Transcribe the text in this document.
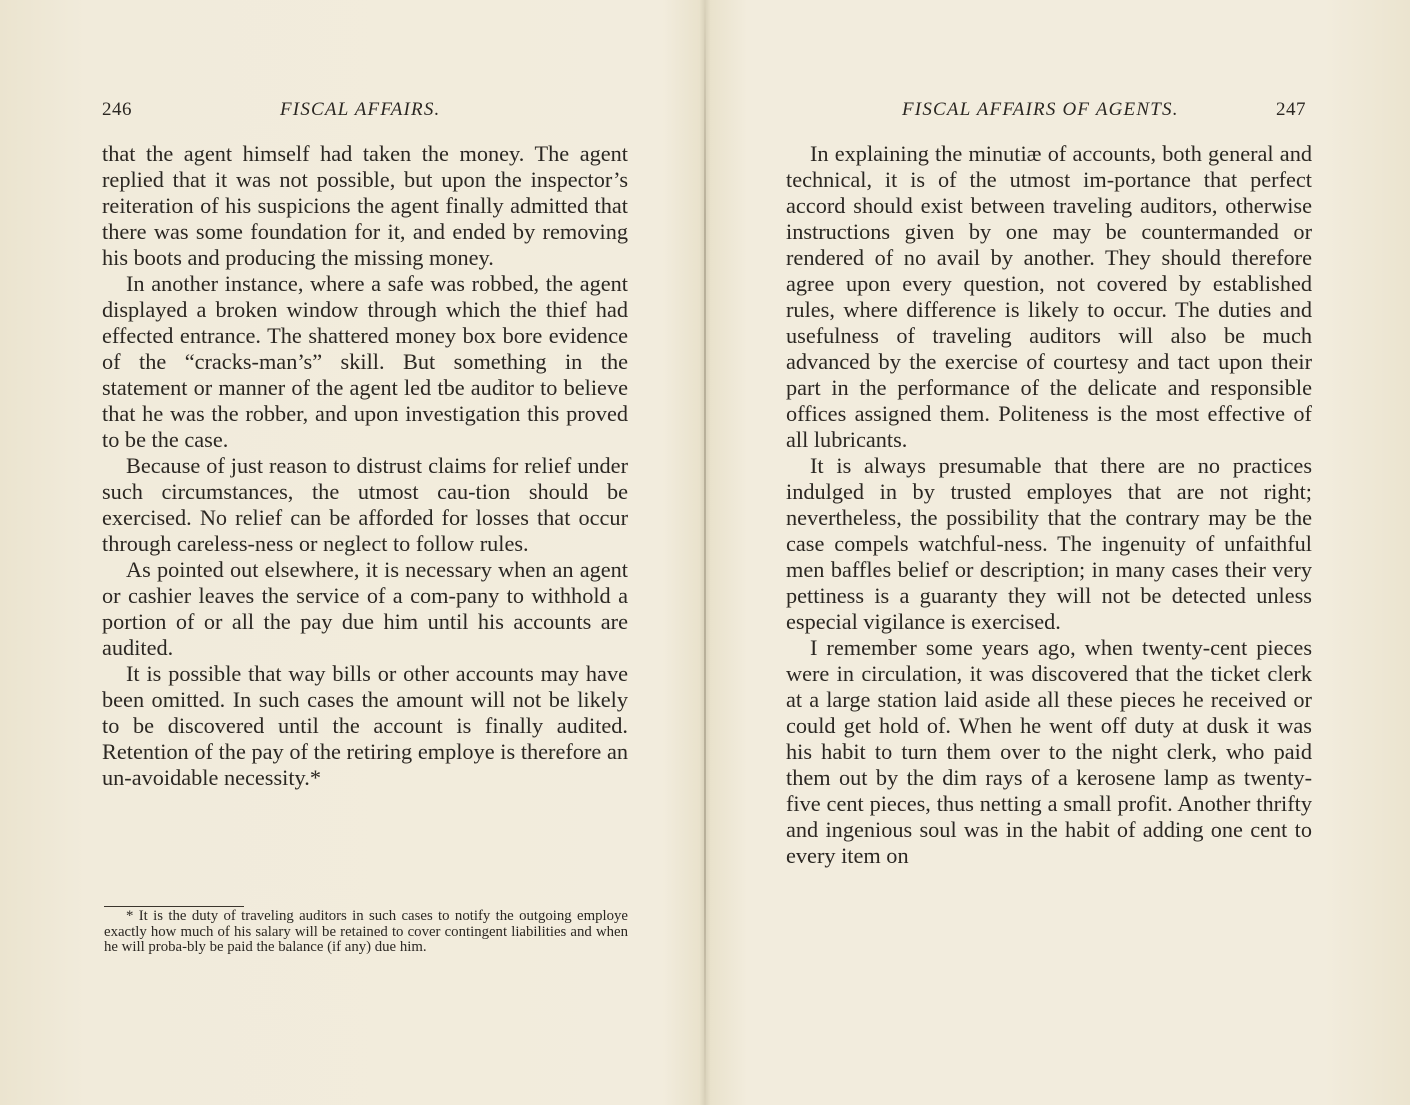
246	FISCAL AFFAIRS.

that the agent himself had taken the money. The agent replied that it was not possible, but upon the inspector’s reiteration of his suspicions the agent finally admitted that there was some foundation for it, and ended by removing his boots and producing the missing money.

In another instance, where a safe was robbed, the agent displayed a broken window through which the thief had effected entrance. The shattered money box bore evidence of the “cracks-man’s” skill. But something in the statement or manner of the agent led tbe auditor to believe that he was the robber, and upon investigation this proved to be the case.

Because of just reason to distrust claims for relief under such circumstances, the utmost cau-tion should be exercised. No relief can be afforded for losses that occur through careless-ness or neglect to follow rules.

As pointed out elsewhere, it is necessary when an agent or cashier leaves the service of a com-pany to withhold a portion of or all the pay due him until his accounts are audited.

It is possible that way bills or other accounts may have been omitted. In such cases the amount will not be likely to be discovered until the account is finally audited. Retention of the pay of the retiring employe is therefore an un-avoidable necessity.*

* It is the duty of traveling auditors in such cases to notify the outgoing employe exactly how much of his salary will be retained to cover contingent liabilities and when he will proba-bly be paid the balance (if any) due him.

FISCAL AFFAIRS OF AGENTS.	247

In explaining the minutiæ of accounts, both general and technical, it is of the utmost im-portance that perfect accord should exist between traveling auditors, otherwise instructions given by one may be countermanded or rendered of no avail by another. They should therefore agree upon every question, not covered by established rules, where difference is likely to occur. The duties and usefulness of traveling auditors will also be much advanced by the exercise of courtesy and tact upon their part in the performance of the delicate and responsible offices assigned them. Politeness is the most effective of all lubricants.

It is always presumable that there are no practices indulged in by trusted employes that are not right; nevertheless, the possibility that the contrary may be the case compels watchful-ness. The ingenuity of unfaithful men baffles belief or description; in many cases their very pettiness is a guaranty they will not be detected unless especial vigilance is exercised.

I remember some years ago, when twenty-cent pieces were in circulation, it was discovered that the ticket clerk at a large station laid aside all these pieces he received or could get hold of. When he went off duty at dusk it was his habit to turn them over to the night clerk, who paid them out by the dim rays of a kerosene lamp as twenty-five cent pieces, thus netting a small profit. Another thrifty and ingenious soul was in the habit of adding one cent to every item on
